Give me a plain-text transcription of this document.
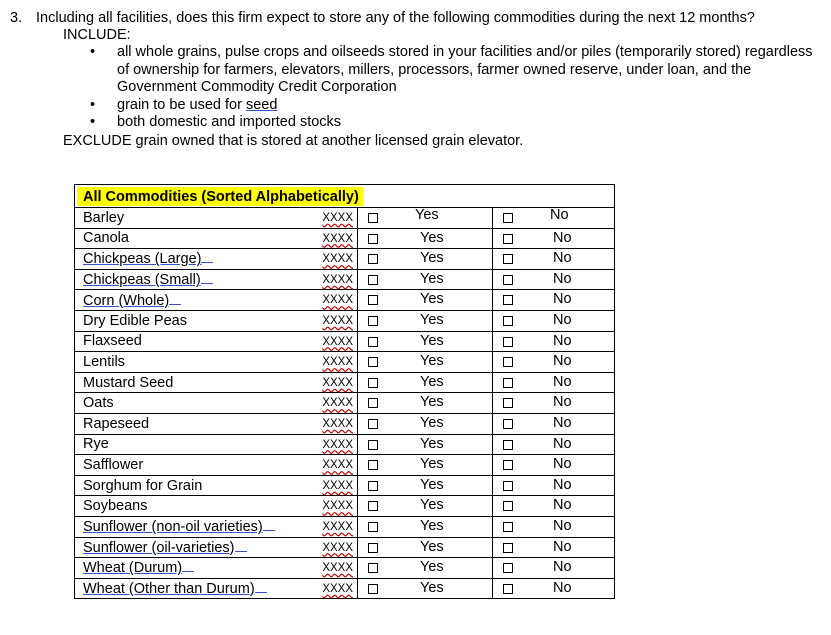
3. Including all facilities, does this firm expect to store any of the following commodities during the next 12 months?
INCLUDE:
• all whole grains, pulse crops and oilseeds stored in your facilities and/or piles (temporarily stored) regardless of ownership for farmers, elevators, millers, processors, farmer owned reserve, under loan, and the Government Commodity Credit Corporation
• grain to be used for seed
• both domestic and imported stocks
EXCLUDE grain owned that is stored at another licensed grain elevator.
All Commodities (Sorted Alphabetically)		
Barley XXXX	Yes	No

Canola XXXX	Yes	No

Chickpeas (Large) XXXX	Yes	No

Chickpeas (Small) XXXX	Yes	No

Corn (Whole) XXXX	Yes	No

Dry Edible Peas XXXX	Yes	No

Flaxseed XXXX	Yes	No

Lentils XXXX	Yes	No

Mustard Seed XXXX	Yes	No

Oats XXXX	Yes	No

Rapeseed XXXX	Yes	No

Rye XXXX	Yes	No

Safflower XXXX	Yes	No

Sorghum for Grain XXXX	Yes	No

Soybeans XXXX	Yes	No

Sunflower (non-oil varieties) XXXX	Yes	No

Sunflower (oil-varieties) XXXX	Yes	No

Wheat (Durum) XXXX	Yes	No

Wheat (Other than Durum) XXXX	Yes	No
